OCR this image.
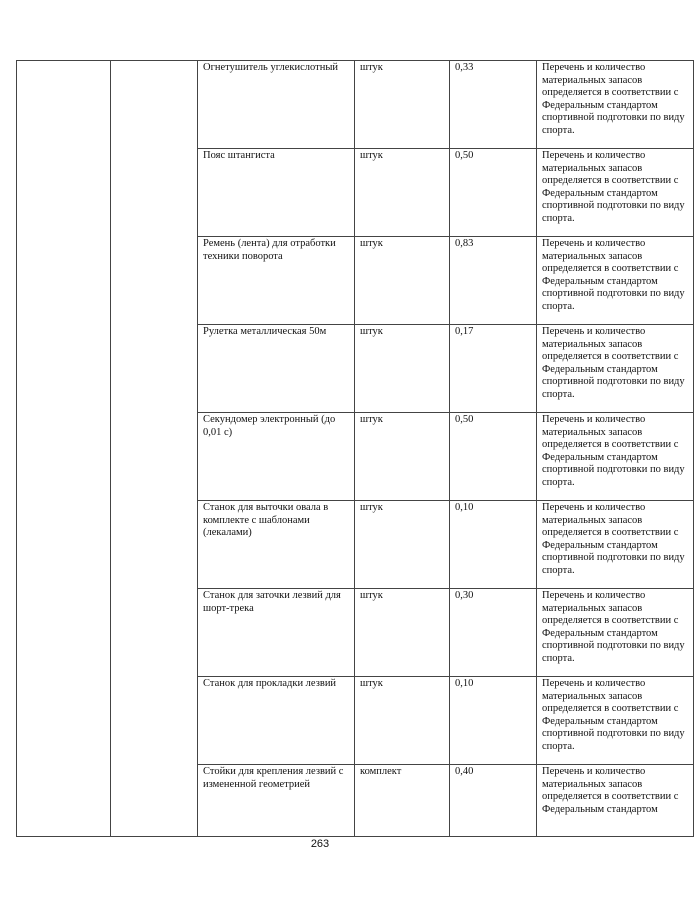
		Огнетушитель углекислотный	штук	0,33	Перечень и количество материальных запасов определяется в соответствии с Федеральным стандартом спортивной подготовки по виду спорта.
		Пояс штангиста	штук	0,50	Перечень и количество материальных запасов определяется в соответствии с Федеральным стандартом спортивной подготовки по виду спорта.
		Ремень (лента) для отработки техники поворота	штук	0,83	Перечень и количество материальных запасов определяется в соответствии с Федеральным стандартом спортивной подготовки по виду спорта.
		Рулетка металлическая 50м	штук	0,17	Перечень и количество материальных запасов определяется в соответствии с Федеральным стандартом спортивной подготовки по виду спорта.
		Секундомер электронный (до 0,01 с)	штук	0,50	Перечень и количество материальных запасов определяется в соответствии с Федеральным стандартом спортивной подготовки по виду спорта.
		Станок для выточки овала в комплекте с шаблонами (лекалами)	штук	0,10	Перечень и количество материальных запасов определяется в соответствии с Федеральным стандартом спортивной подготовки по виду спорта.
		Станок для заточки лезвий для шорт-трека	штук	0,30	Перечень и количество материальных запасов определяется в соответствии с Федеральным стандартом спортивной подготовки по виду спорта.
		Станок для прокладки лезвий	штук	0,10	Перечень и количество материальных запасов определяется в соответствии с Федеральным стандартом спортивной подготовки по виду спорта.
		Стойки для крепления лезвий с измененной геометрией	комплект	0,40	Перечень и количество материальных запасов определяется в соответствии с Федеральным стандартом
263
